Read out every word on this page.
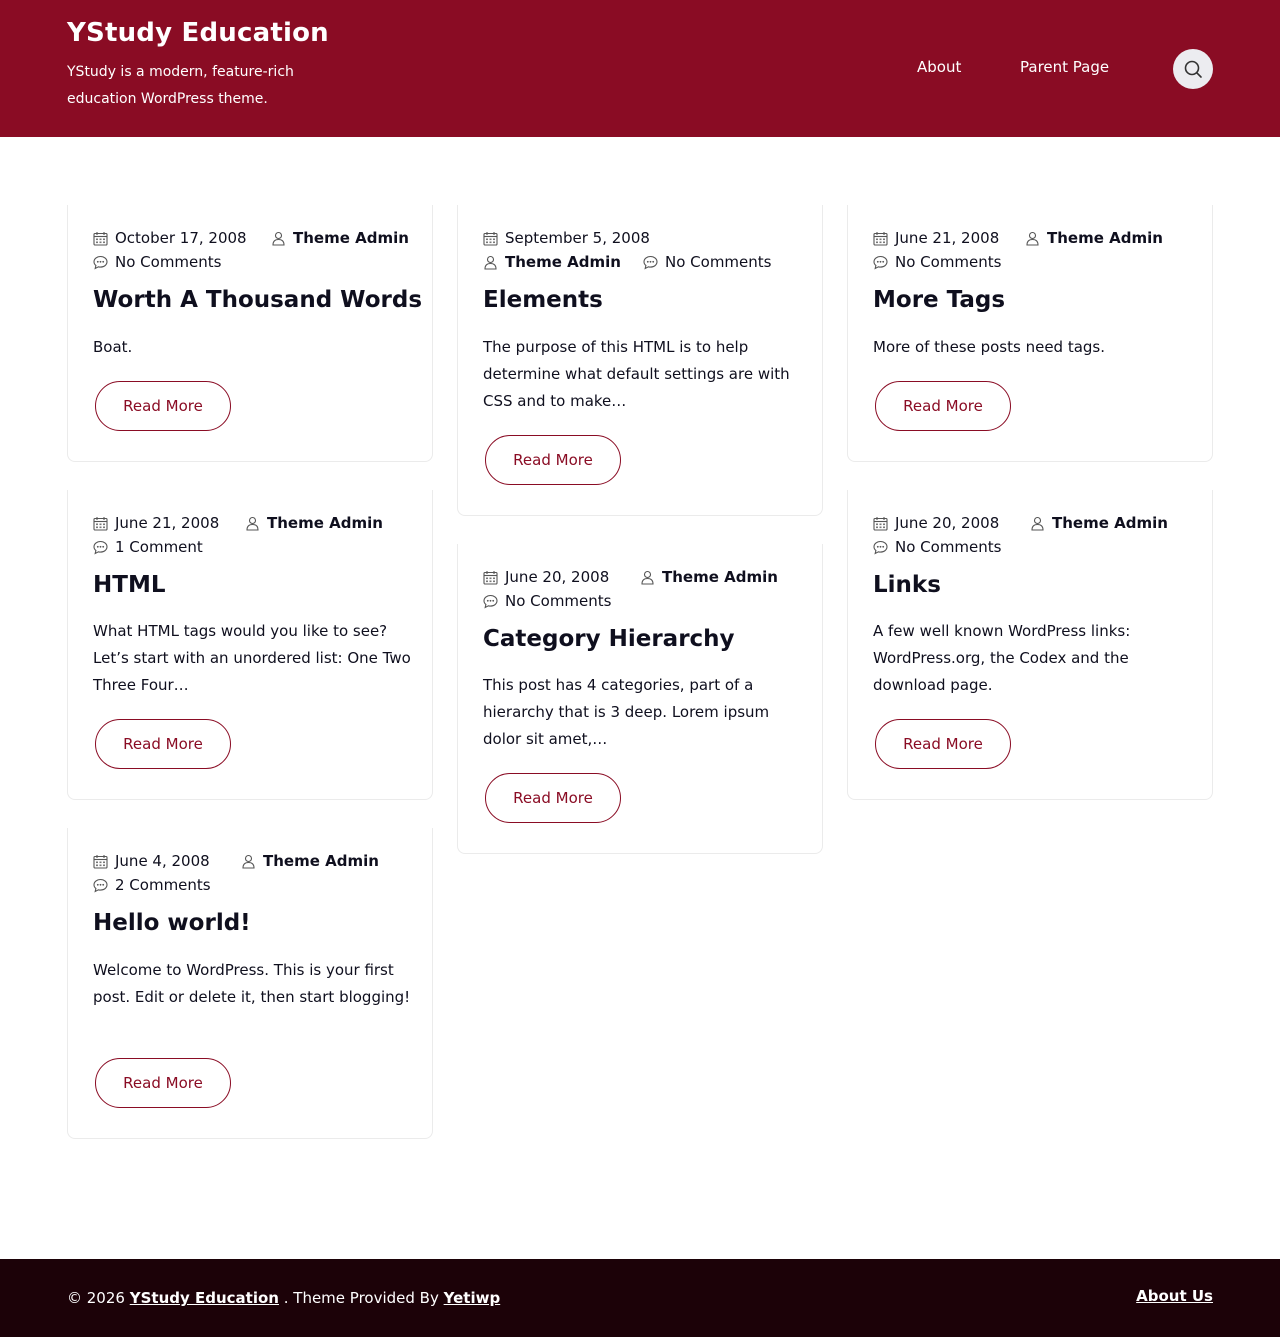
YStudy Education
YStudy is a modern, feature-rich education WordPress theme.
About	Parent Page
October 17, 2008	Theme Admin
No Comments
Worth A Thousand Words

Boat.

Read More
September 5, 2008
Theme Admin	No Comments
Elements

The purpose of this HTML is to help determine what default settings are with CSS and to make…

Read More
June 21, 2008	Theme Admin
No Comments
More Tags

More of these posts need tags.

Read More
June 21, 2008	Theme Admin
1 Comment
HTML

What HTML tags would you like to see? Let’s start with an unordered list: One Two Three Four…

Read More
June 20, 2008	Theme Admin
No Comments
Category Hierarchy

This post has 4 categories, part of a hierarchy that is 3 deep. Lorem ipsum dolor sit amet,…

Read More
June 20, 2008	Theme Admin
No Comments
Links

A few well known WordPress links: WordPress.org, the Codex and the download page.

Read More
June 4, 2008	Theme Admin
2 Comments
Hello world!

Welcome to WordPress. This is your first post. Edit or delete it, then start blogging!

Read More
© 2026 YStudy Education . Theme Provided By Yetiwp	About Us
